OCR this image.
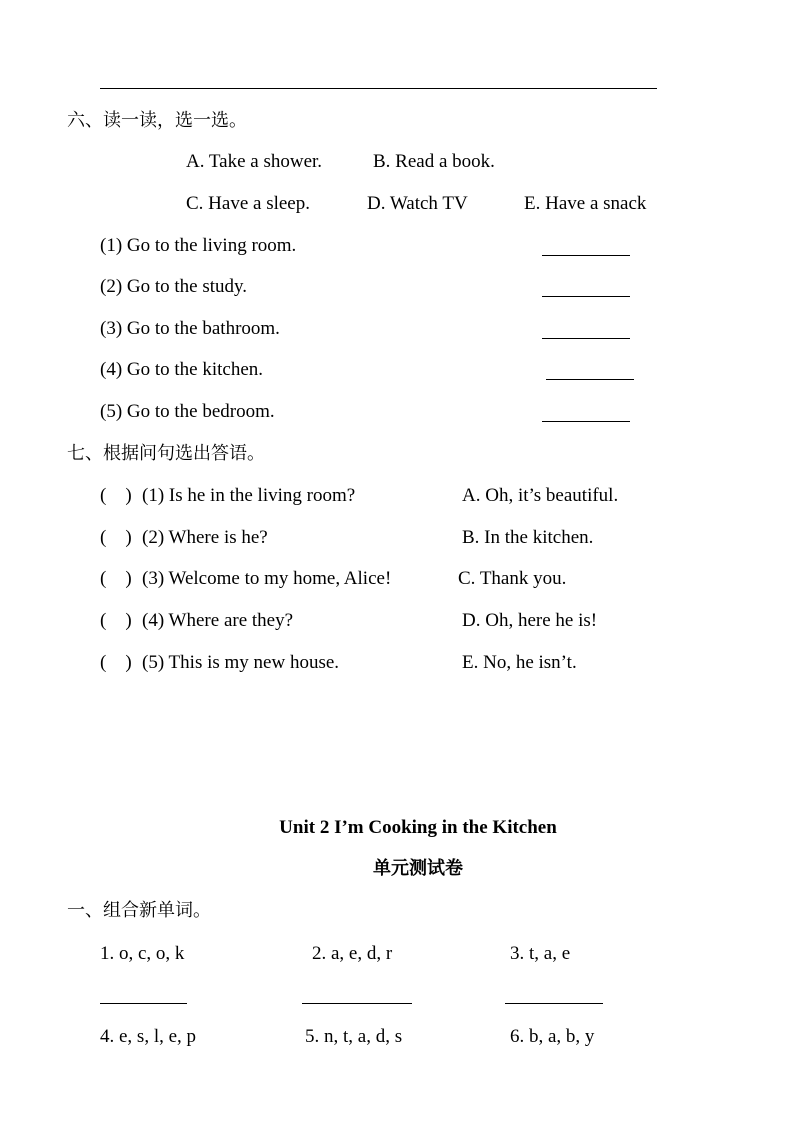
六、读一读，选一选。
A. Take a shower.	B. Read a book.
C. Have a sleep.	D. Watch TV	E. Have a snack
(1) Go to the living room.
(2) Go to the study.
(3) Go to the bathroom.
(4) Go to the kitchen.
(5) Go to the bedroom.
七、根据问句选出答语。
(    ) (1) Is he in the living room?	A. Oh, it’s beautiful.
(    ) (2) Where is he?	B. In the kitchen.
(    ) (3) Welcome to my home, Alice!	C. Thank you.
(    ) (4) Where are they?	D. Oh, here he is!
(    ) (5) This is my new house.	E. No, he isn’t.
Unit 2 I’m Cooking in the Kitchen
单元测试卷
一、组合新单词。
1. o, c, o, k	2. a, e, d, r	3. t, a, e
4. e, s, l, e, p	5. n, t, a, d, s	6. b, a, b, y
